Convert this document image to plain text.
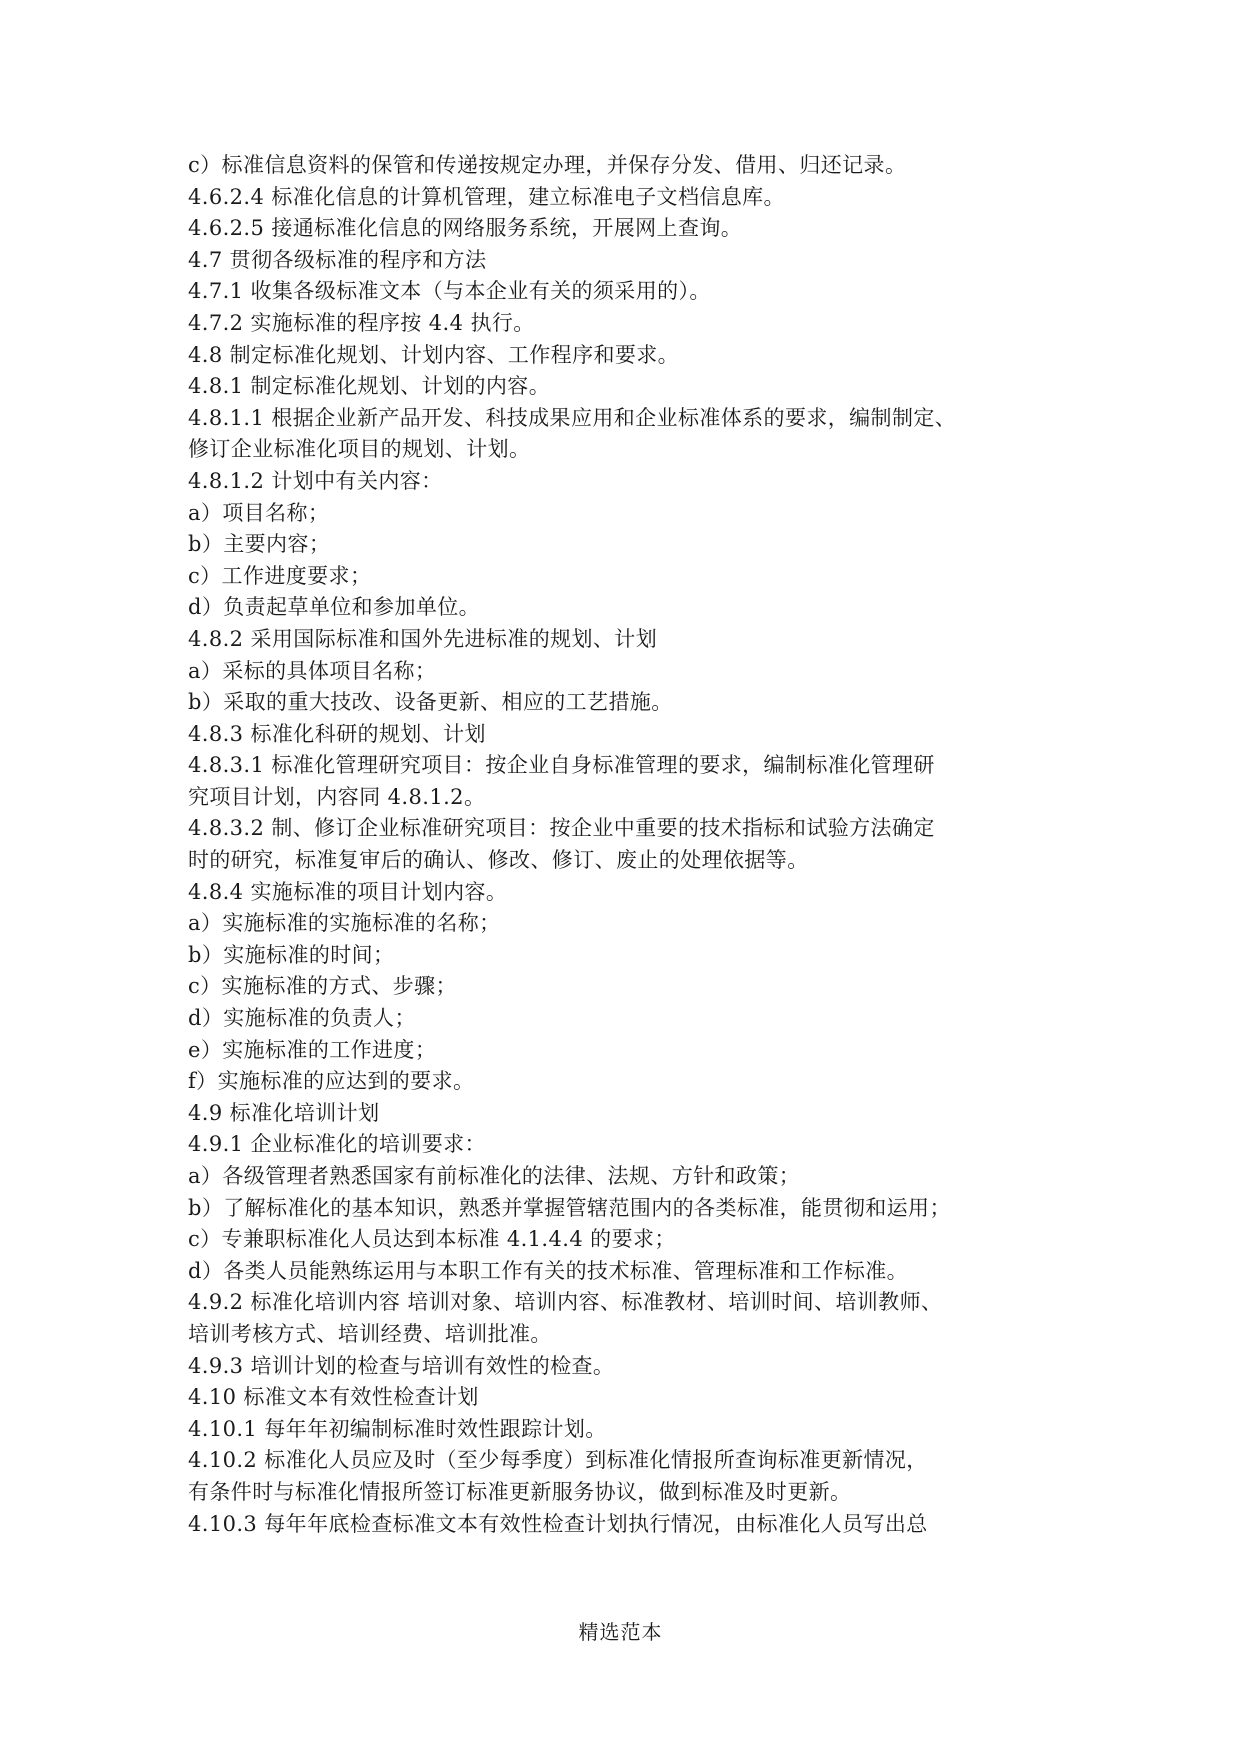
c）标准信息资料的保管和传递按规定办理，并保存分发、借用、归还记录。
4.6.2.4 标准化信息的计算机管理，建立标准电子文档信息库。
4.6.2.5 接通标准化信息的网络服务系统，开展网上查询。
4.7 贯彻各级标准的程序和方法
4.7.1 收集各级标准文本（与本企业有关的须采用的）。
4.7.2 实施标准的程序按 4.4 执行。
4.8 制定标准化规划、计划内容、工作程序和要求。
4.8.1 制定标准化规划、计划的内容。
4.8.1.1 根据企业新产品开发、科技成果应用和企业标准体系的要求，编制制定、
修订企业标准化项目的规划、计划。
4.8.1.2 计划中有关内容：
a）项目名称；
b）主要内容；
c）工作进度要求；
d）负责起草单位和参加单位。
4.8.2 采用国际标准和国外先进标准的规划、计划
a）采标的具体项目名称；
b）采取的重大技改、设备更新、相应的工艺措施。
4.8.3 标准化科研的规划、计划
4.8.3.1 标准化管理研究项目：按企业自身标准管理的要求，编制标准化管理研
究项目计划，内容同 4.8.1.2。
4.8.3.2 制、修订企业标准研究项目：按企业中重要的技术指标和试验方法确定
时的研究，标准复审后的确认、修改、修订、废止的处理依据等。
4.8.4 实施标准的项目计划内容。
a）实施标准的实施标准的名称；
b）实施标准的时间；
c）实施标准的方式、步骤；
d）实施标准的负责人；
e）实施标准的工作进度；
f）实施标准的应达到的要求。
4.9 标准化培训计划
4.9.1 企业标准化的培训要求：
a）各级管理者熟悉国家有前标准化的法律、法规、方针和政策；
b）了解标准化的基本知识，熟悉并掌握管辖范围内的各类标准，能贯彻和运用；
c）专兼职标准化人员达到本标准 4.1.4.4 的要求；
d）各类人员能熟练运用与本职工作有关的技术标准、管理标准和工作标准。
4.9.2 标准化培训内容 培训对象、培训内容、标准教材、培训时间、培训教师、
培训考核方式、培训经费、培训批准。
4.9.3 培训计划的检查与培训有效性的检查。
4.10 标准文本有效性检查计划
4.10.1 每年年初编制标准时效性跟踪计划。
4.10.2 标准化人员应及时（至少每季度）到标准化情报所查询标准更新情况，
有条件时与标准化情报所签订标准更新服务协议，做到标准及时更新。
4.10.3 每年年底检查标准文本有效性检查计划执行情况，由标准化人员写出总
精选范本
